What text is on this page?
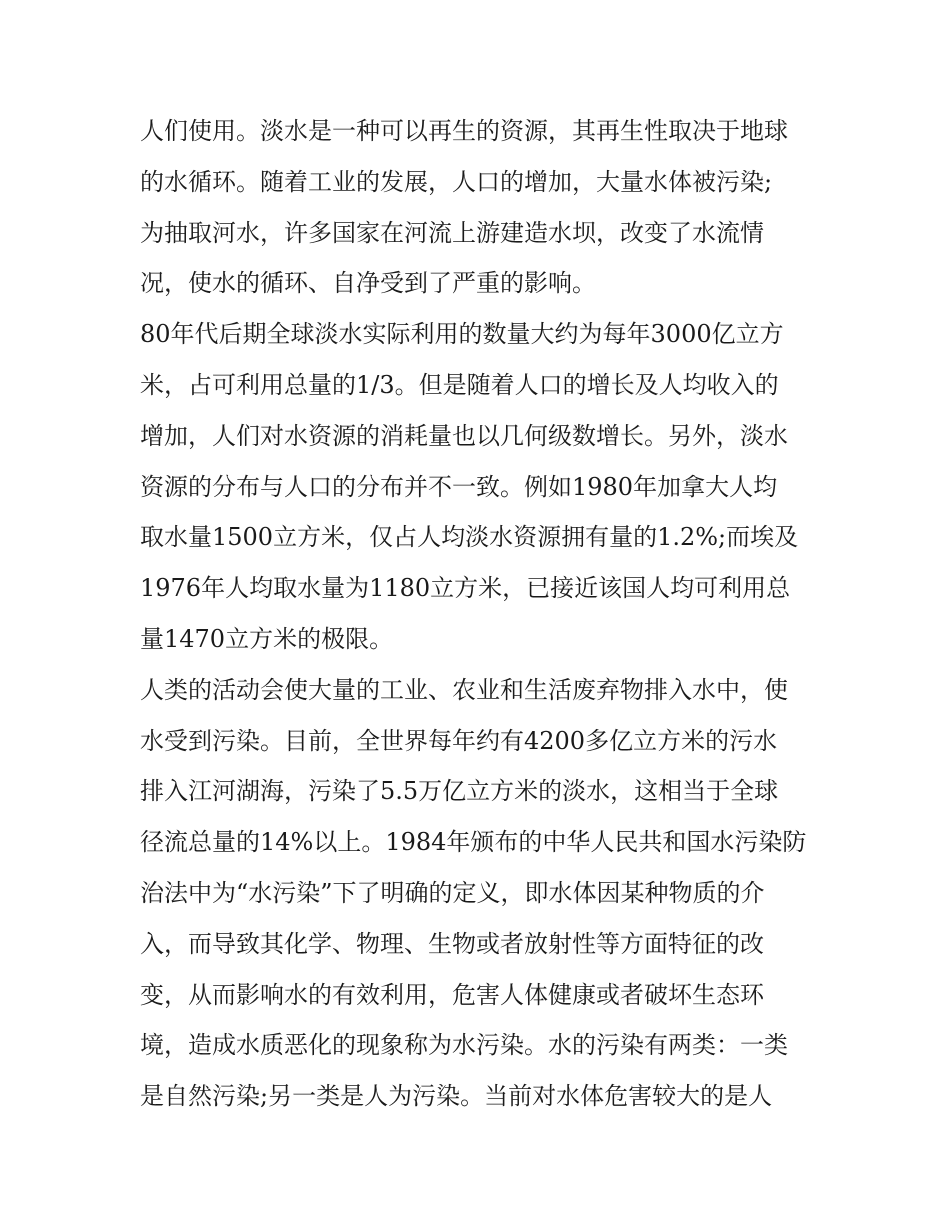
人们使用。淡水是一种可以再生的资源，其再生性取决于地球
的水循环。随着工业的发展，人口的增加，大量水体被污染;
为抽取河水，许多国家在河流上游建造水坝，改变了水流情
况，使水的循环、自净受到了严重的影响。
80年代后期全球淡水实际利用的数量大约为每年3000亿立方
米，占可利用总量的1/3。但是随着人口的增长及人均收入的
增加，人们对水资源的消耗量也以几何级数增长。另外，淡水
资源的分布与人口的分布并不一致。例如1980年加拿大人均
取水量1500立方米，仅占人均淡水资源拥有量的1.2%;而埃及
1976年人均取水量为1180立方米，已接近该国人均可利用总
量1470立方米的极限。
人类的活动会使大量的工业、农业和生活废弃物排入水中，使
水受到污染。目前，全世界每年约有4200多亿立方米的污水
排入江河湖海，污染了5.5万亿立方米的淡水，这相当于全球
径流总量的14%以上。1984年颁布的中华人民共和国水污染防
治法中为“水污染”下了明确的定义，即水体因某种物质的介
入，而导致其化学、物理、生物或者放射性等方面特征的改
变，从而影响水的有效利用，危害人体健康或者破坏生态环
境，造成水质恶化的现象称为水污染。水的污染有两类：一类
是自然污染;另一类是人为污染。当前对水体危害较大的是人
